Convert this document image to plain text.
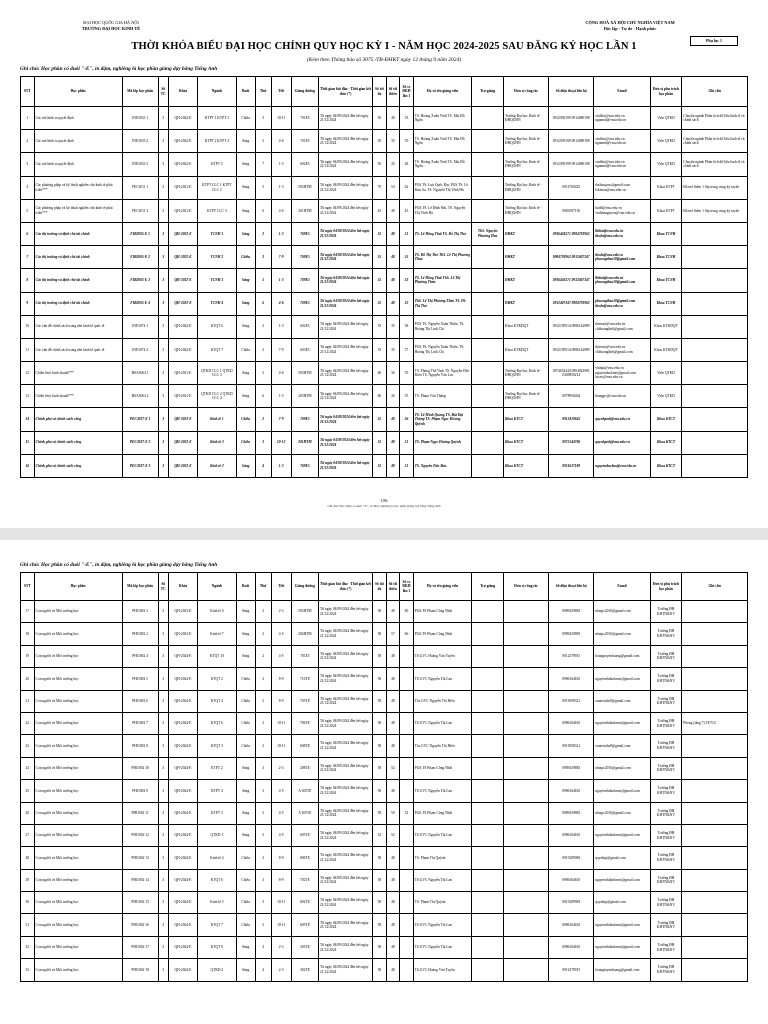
ĐẠI HỌC QUỐC GIA HÀ NỘI
TRƯỜNG ĐẠI HỌC KINH TẾ
CỘNG HOÀ XÃ HỘI CHỦ NGHĨA VIỆT NAM
Độc lập - Tự do - Hạnh phúc
Phụ lục 1
THỜI KHÓA BIỂU ĐẠI HỌC CHÍNH QUY HỌC KỲ I - NĂM HỌC 2024-2025 SAU ĐĂNG KÝ HỌC LẦN 1
(Kèm theo Thông báo số 3075 /TB-ĐHKT ngày 12 tháng 9 năm 2024)
Ghi chú: Học phần có đuôi "-E", in đậm, nghiêng là học phần giảng dạy bằng Tiếng Anh
STT	Học phần	Mã lớp học phần	Số TC	Khóa	Ngành	Buổi	Thứ	Tiết	Giảng đường	Thời gian bắt đầu - Thời gian kết thúc (*)	Số tối đa	Số tối thiểu	Số sv ĐKH lần 1	Họ và tên giảng viên	Trợ giảng	Đơn vị công tác	Số điện thoại liên hệ	Email	Đơn vị phụ trách học phần	Ghi chú
1	Các mô hình ra quyết định	INE3033 1	3	QH-2022-E	KTPT 1 KTPT 3	Chiều	3	10-11	701E5	Từ ngày 04/09/2024 đến hết ngày 21/12/2024	50	49	53	TS. Hoàng Xuân Vinh TS. Mai Đỗ Ngân		Trường Đại học Kinh tế - ĐHQGHN	0912059199 0914080198	vinhhx@vnu.edu.vn nganmd@vnu.edu.vn	Viện QTKD	Chuyên ngành Phân tích dữ liệu kinh tế và chính sách
2	Các mô hình ra quyết định	INE3033 2	3	QH-2022-E	KTPT 2 KTPT 4	Sáng	3	4-6	701E5	Từ ngày 04/09/2024 đến hết ngày 21/12/2024	50	35	55	TS. Hoàng Xuân Vinh TS. Mai Đỗ Ngân		Trường Đại học Kinh tế - ĐHQGHN	0912059199 0914080198	vinhhx@vnu.edu.vn nganmd@vnu.edu.vn	Viện QTKD	Chuyên ngành Phân tích dữ liệu kinh tế và chính sách
3	Các mô hình ra quyết định	INE3033 3	3	QH-2022-E	KTPT 5	Sáng	7	1-3	602E5	Từ ngày 04/09/2024 đến hết ngày 21/12/2024	50	35	28	TS. Hoàng Xuân Vinh TS. Mai Đỗ Ngân		Trường Đại học Kinh tế - ĐHQGHN	0912059199 0914080198	vinhhx@vnu.edu.vn nganmd@vnu.edu.vn	Viện QTKD	Chuyên ngành Phân tích dữ liệu kinh tế và chính sách
4	Các phương pháp và kỹ thuật nghiên cứu kinh tế phát triển***	PEC3011 1	3	QH-2021-E	KTPT CLC 1 KTPT CLC 2	Sáng	5	1-3	503HTM	Từ ngày 04/09/2024 đến hết ngày 21/12/2024	70	54	62	PGS.TS. Lưu Quốc Đạt, PGS.TS. Lê Kim Sa, TS. Nguyễn Thị Vĩnh Hà		Trường Đại học Kinh tế - ĐHQGHN	0912760425	datluuquoc@gmail.com lekimsa@vnu.edu.vn	Khoa KTPT	Đã mở thêm 1 lớp trong cùng kỳ tuyển
5	Các phương pháp và kỹ thuật nghiên cứu kinh tế phát triển***	PEC3011 2	3	QH-2021-E	KTPT CLC 3	Sáng	6	4-6	201HTM	Từ ngày 04/09/2024 đến hết ngày 21/12/2024	45	40	43	PGS.TS. Lê Đình Hải, TS. Nguyễn Thị Vĩnh Hà		Trường Đại học Kinh tế - ĐHQGHN	0983587150	haild@vnu.edu.vn vinhhanguyen@vnu.edu.vn	Khoa KTPT	Đã mở thêm 1 lớp trong cùng kỳ tuyển
6	Các thị trường và định chế tài chính	FIB2005-E 1	3	QH-2022-E	TCNH 1	Sáng	2	1-3	709E5	Từ ngày 04/09/2024 đến hết ngày 21/12/2024	55	48	51	TS. Lê Hồng Thái TS. Đỗ Thị Thơ	ThS. Nguyễn Phương Hoa	ĐHKT	0936434571 0984793962	lhthai@vnu.edu.vn thodo@vnu.edu.vn	Khoa TCNH	
7	Các thị trường và định chế tài chính	FIB2005-E 2	3	QH-2022-E	TCNH 2	Chiều	3	7-9	709E5	Từ ngày 04/09/2024 đến hết ngày 21/12/2024	55	48	55	TS. Đỗ Thị Thơ ThS. Lê Thị Phương Thảo		ĐHKT	0984793962 0912407347	thodo@vnu.edu.vn phuongthao18@gmail.com	Khoa TCNH	
8	Các thị trường và định chế tài chính	FIB2005-E 3	3	QH-2022-E	TCNH 3	Sáng	5	1-3	709E5	Từ ngày 04/09/2024 đến hết ngày 21/12/2024	55	48	52	TS. Lê Hồng Thái ThS. Lê Thị Phương Thảo		ĐHKT	0936434571 0912407347	lhthai@vnu.edu.vn phuongthao18@gmail.com	Khoa TCNH	
9	Các thị trường và định chế tài chính	FIB2005-E 4	3	QH-2022-E	TCNH 4	Sáng	6	4-6	709E5	Từ ngày 04/09/2024 đến hết ngày 21/12/2024	55	48	52	ThS. Lê Thị Phương Thảo TS. Đỗ Thị Thơ		ĐHKT	0912407347 0984793962	phuongthao18@gmail.com thodo@vnu.edu.vn	Khoa TCNH	
10	Các vấn đề chính sách trong nền kinh tế quốc tế	INE3074 1	3	QH-2022-E	KTQT 6	Sáng	2	1-3	602E5	Từ ngày 04/09/2024 đến hết ngày 21/12/2024	55	35	58	PGS.TS. Nguyễn Xuân Thiên, TS. Hoàng Thị Linh Chi		Khoa KTKDQT	0912185914 0986142889	thienxn@vnu.edu.vn chihoanglinh@gmail.com	Khoa KTKDQT	
11	Các vấn đề chính sách trong nền kinh tế quốc tế	INE3074 2	3	QH-2022-E	KTQT 7	Chiều	2	7-9	603E5	Từ ngày 04/09/2024 đến hết ngày 21/12/2024	55	35	57	PGS.TS. Nguyễn Xuân Thiên, TS. Hoàng Thị Linh Chi		Khoa KTKDQT	0912185914 0986142889	thienxn@vnu.edu.vn chihoanglinh@gmail.com	Khoa KTKDQT	
12	Chiến lược kinh doanh***	BSA3064 1	3	QH-2021-E	QTKD CLC 1 QTKD CLC 3	Sáng	3	4-6	503HTM	Từ ngày 04/09/2024 đến hết ngày 21/12/2024	60	36	55	TS. Phùng Thế Vinh TS. Nguyễn Đức Kiên TS. Nguyễn Văn Lực		Trường Đại học Kinh tế - ĐHQGHN	0974654444 0904923981 0349850214	vinhpt@vnu.edu.vn nguyenduckien@gmail.com lucnv@vnu.edu.vn	Viện QTKD	
13	Chiến lược kinh doanh***	BSA3064 2	3	QH-2021-E	QTKD CLC 2 QTKD CLC 4	Sáng	6	1-3	203HTM	Từ ngày 04/09/2024 đến hết ngày 21/12/2024	60	36	55	TS. Phạm Văn Thắng		Trường Đại học Kinh tế - ĐHQGHN	0978956464	thangpv@vnu.edu.vn	Viện QTKD	
14	Chính phủ và chính sách công	PEC3037-E 1	3	QH-2022-E	Kinh tế 1	Chiều	2	7-9	709E5	Từ ngày 04/09/2024 đến hết ngày 21/12/2024	55	49	56	TS. Lê Minh Quang TS. Bùi Đại Thắng TS. Phạm Ngọc Hương Quỳnh		Khoa KTCT	0913419645	quynhpnh@vnu.edu.vn	Khoa KTCT	
15	Chính phủ và chính sách công	PEC3037-E 2	3	QH-2022-E	Kinh tế 3	Chiều	3	10-12	201HTM	Từ ngày 04/09/2024 đến hết ngày 21/12/2024	55	49	51	TS. Phạm Ngọc Hương Quỳnh		Khoa KTCT	0975144786	quynhpnh@vnu.edu.vn	Khoa KTCT	
16	Chính phủ và chính sách công	PEC3037-E 3	3	QH-2022-E	Kinh tế 2	Sáng	4	1-3	709E5	Từ ngày 04/09/2024 đến hết ngày 21/12/2024	55	49	51	TS. Nguyễn Đức Bảo		Khoa KTCT	0911637188	nguyenducbao@vnu.edu.vn	Khoa KTCT	
1/86
Ghi chú: Học phần có đuôi "-E", in đậm, nghiêng là học phần giảng dạy bằng Tiếng Anh
Ghi chú: Học phần có đuôi "-E", in đậm, nghiêng là học phần giảng dạy bằng Tiếng Anh
STT	Học phần	Mã lớp học phần	Số TC	Khóa	Ngành	Buổi	Thứ	Tiết	Giảng đường	Thời gian bắt đầu - Thời gian kết thúc (*)	Số tối đa	Số tối thiểu	Số sv ĐKH lần 1	Họ và tên giảng viên	Trợ giảng	Đơn vị công tác	Số điện thoại liên hệ	Email	Đơn vị phụ trách học phần	Ghi chú
17	Con người và Môi trường học	PHI1002 1	3	QH-2023-E	Kinh tế 6	Sáng	2	2-3	503HTM	Từ ngày 04/09/2024 đến hết ngày 21/12/2024	58	40	60	PGS.TS Phạm Công Nhất			0989439883	nhatpc2010@gmail.com	Trường ĐH KHTN&NV	
18	Con người và Môi trường học	PHI1002 2	3	QH-2023-E	Kinh tế 7	Sáng	2	4-5	204HTM	Từ ngày 04/09/2024 đến hết ngày 21/12/2024	58	57	66	PGS.TS Phạm Công Nhất			0989439883	nhatpc2010@gmail.com	Trường ĐH KHTN&NV	
19	Con người và Môi trường học	PHI1002 4	3	QH-2024-E	KTQT 10	Sáng	2	4-5	701E5	Từ ngày 04/09/2024 đến hết ngày 21/12/2024	58	48		TS.GVC Hoàng Văn Tuyên			0912378915	hoangtuyenhoang@gmail.com	Trường ĐH KHTN&NV	
20	Con người và Môi trường học	PHI1002 5	3	QH-2024-E	KTQT 2	Chiều	2	8-9	710TE	Từ ngày 04/09/2024 đến hết ngày 21/12/2024	58	48		TS.GVC Nguyễn Thị Lan			0986164610	nguyenthilanhnvn@gmail.com	Trường ĐH KHTN&NV	
21	Con người và Môi trường học	PHI1002 6	3	QH-2024-E	KTQT 4	Chiều	2	8-9	705TE	Từ ngày 04/09/2024 đến hết ngày 21/12/2024	58	48		Ths.GVC Nguyễn Thị Hiền			0913098321	xuanvinhs8@gmail.com	Trường ĐH KHTN&NV	
22	Con người và Môi trường học	PHI1002 7	3	QH-2024-E	KTQT 6	Chiều	2	10-11	706TE	Từ ngày 04/09/2024 đến hết ngày 21/12/2024	58	48		TS.GVC Nguyễn Thị Lan			0986164610	nguyenthilanhnvn@gmail.com	Trường ĐH KHTN&NV	Phòng (tầng 7) TE/VU
23	Con người và Môi trường học	PHI1002 8	3	QH-2024-E	KTQT 3	Chiều	2	10-11	608TE	Từ ngày 04/09/2024 đến hết ngày 21/12/2024	58	48		Ths.GVC Nguyễn Thị Hiền			0913098321	xuanvinhs8@gmail.com	Trường ĐH KHTN&NV	
24	Con người và Môi trường học	PHI1002 10	3	QH-2024-E	KTPT 2	Sáng	3	2-3	208TE	Từ ngày 04/09/2024 đến hết ngày 21/12/2024	58	52		PGS.TS Phạm Công Nhất			0989439883	nhatpc2010@gmail.com	Trường ĐH KHTN&NV	
25	Con người và Môi trường học	PHI1002 9	3	QH-2024-E	KTPT 4	Sáng	3	4-5	A 305TE	Từ ngày 04/09/2024 đến hết ngày 21/12/2024	58	48		TS.GVC Nguyễn Thị Lan			0986164610	nguyenthilanhnvn@gmail.com	Trường ĐH KHTN&NV	
26	Con người và Môi trường học	PHI1002 11	3	QH-2024-E	KTPT 3	Sáng	3	4-5	A 305TE	Từ ngày 04/09/2024 đến hết ngày 21/12/2024	58	50	52	PGS.TS Phạm Công Nhất			0989439883	nhatpc2010@gmail.com	Trường ĐH KHTN&NV	
27	Con người và Môi trường học	PHI1002 12	3	QH-2024-E	QTKD 1	Sáng	3	4-5	605TE	Từ ngày 04/09/2024 đến hết ngày 21/12/2024	52	52		TS.GVC Nguyễn Thị Lan			0986164610	nguyenthilanhnvn@gmail.com	Trường ĐH KHTN&NV	
28	Con người và Môi trường học	PHI1002 13	3	QH-2024-E	Kinh tế 4	Chiều	3	8-9	006TE	Từ ngày 04/09/2024 đến hết ngày 21/12/2024	58	48		TS. Phạm Thị Quỳnh			0915289983	quynhtp@gmail.com	Trường ĐH KHTN&NV	
29	Con người và Môi trường học	PHI1002 14	3	QH-2024-E	KTQT 6	Chiều	3	8-9	702TE	Từ ngày 04/09/2024 đến hết ngày 21/12/2024	58	48		TS.GVC Nguyễn Thị Lan			0986164610	nguyenthilanhnvn@gmail.com	Trường ĐH KHTN&NV	
30	Con người và Môi trường học	PHI1002 15	3	QH-2024-E	Kinh tế 5	Chiều	3	10-11	602TE	Từ ngày 04/09/2024 đến hết ngày 21/12/2024	58	48		TS. Phạm Thị Quỳnh			0915289983	quynhtp@gmail.com	Trường ĐH KHTN&NV	
31	Con người và Môi trường học	PHI1002 16	3	QH-2024-E	KTQT 7	Chiều	3	10-11	605TE	Từ ngày 04/09/2024 đến hết ngày 21/12/2024	58	48		TS.GVC Nguyễn Thị Lan			0986164610	nguyenthilanhnvn@gmail.com	Trường ĐH KHTN&NV	
32	Con người và Môi trường học	PHI1002 17	3	QH-2024-E	KTQT 9	Sáng	4	2-3	303TE	Từ ngày 04/09/2024 đến hết ngày 21/12/2024	58	48		TS.GVC Nguyễn Thị Lan			0986164610	nguyenthilanhnvn@gmail.com	Trường ĐH KHTN&NV	
33	Con người và Môi trường học	PHI1002 18	3	QH-2024-E	QTKD 2	Sáng	4	2-3	302TE	Từ ngày 04/09/2024 đến hết ngày 21/12/2024	58	48		TS.GVC Hoàng Văn Tuyên			0912378915	hoangtuyenhoang@gmail.com	Trường ĐH KHTN&NV	
